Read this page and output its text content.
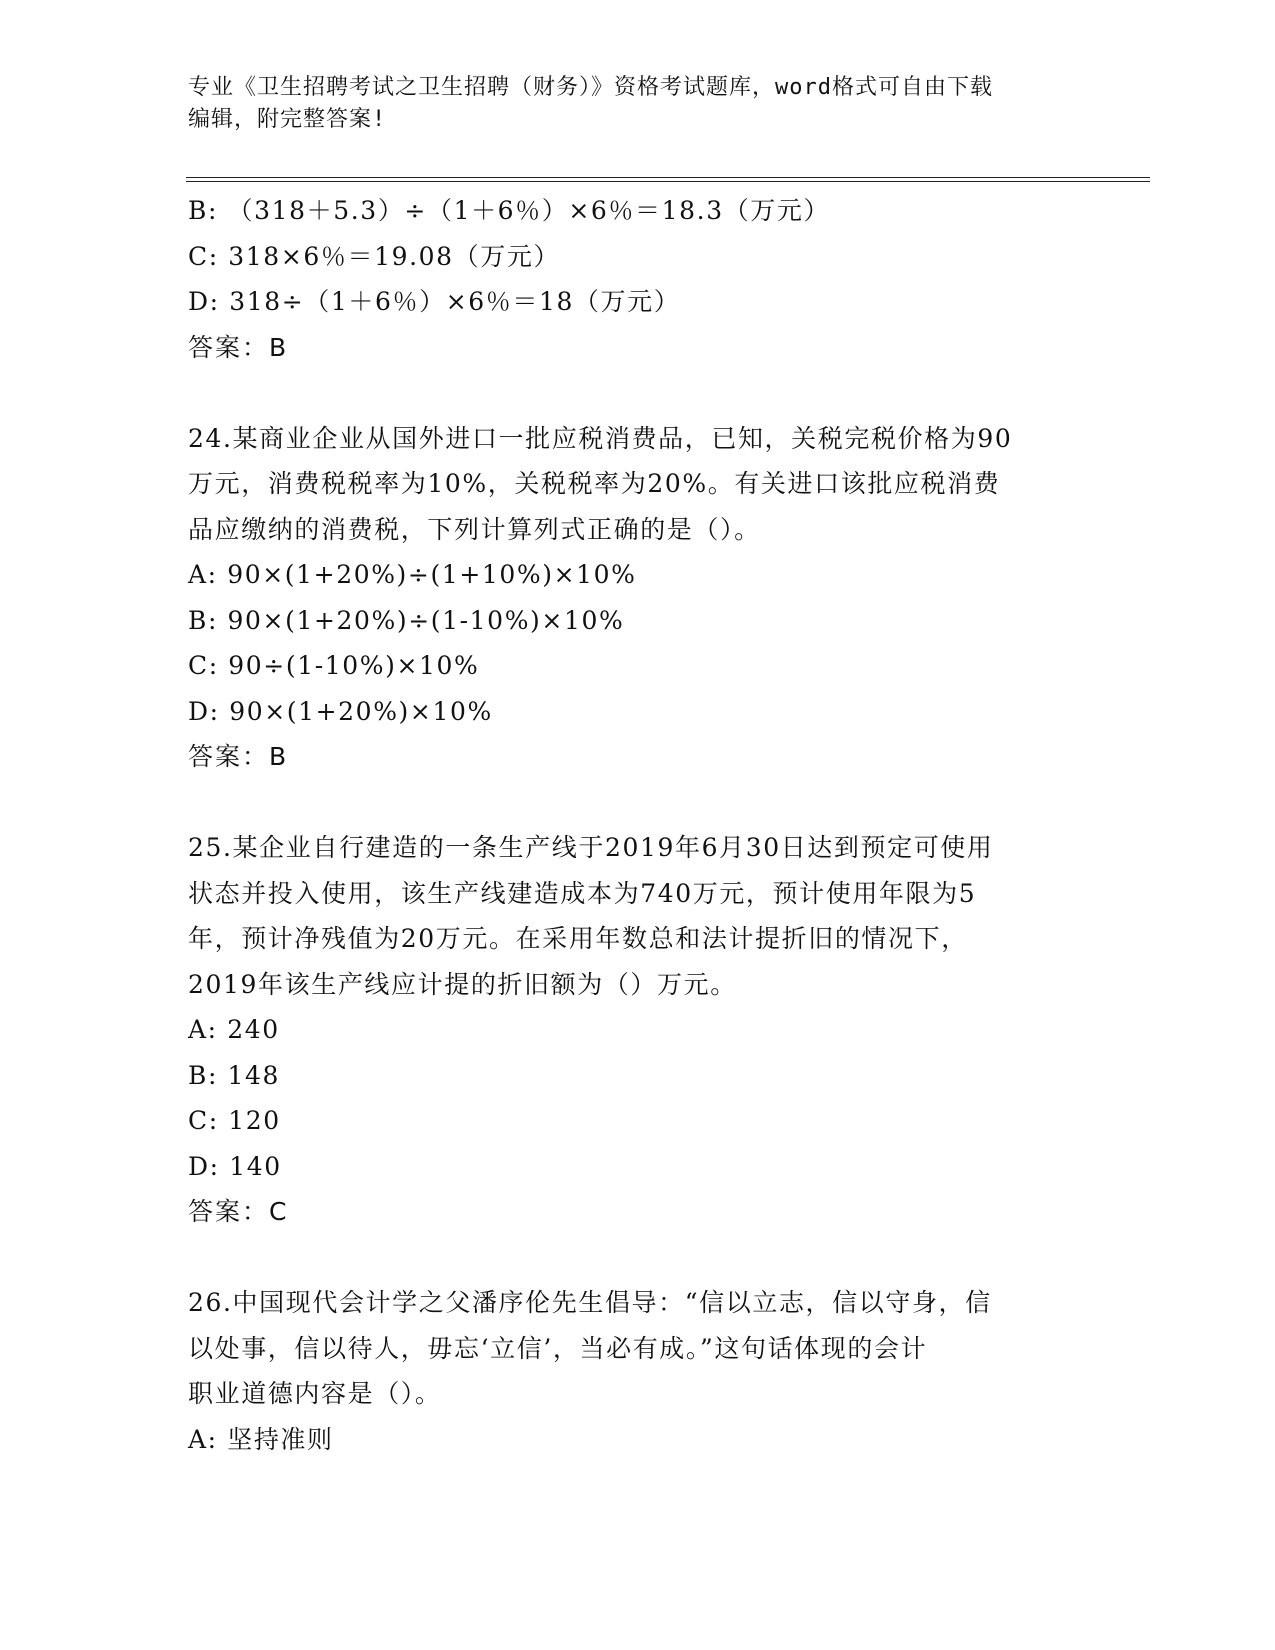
专业《卫生招聘考试之卫生招聘（财务）》资格考试题库，word格式可自由下载
编辑，附完整答案!
B: （318＋5.3）÷（1＋6％）×6％＝18.3（万元）
C: 318×6％＝19.08（万元）
D: 318÷（1＋6％）×6％＝18（万元）
答案：B
24.某商业企业从国外进口一批应税消费品，已知，关税完税价格为90
万元，消费税税率为10%，关税税率为20%。有关进口该批应税消费
品应缴纳的消费税，下列计算列式正确的是（）。
A: 90×(1+20%)÷(1+10%)×10%
B: 90×(1+20%)÷(1-10%)×10%
C: 90÷(1-10%)×10%
D: 90×(1+20%)×10%
答案：B
25.某企业自行建造的一条生产线于2019年6月30日达到预定可使用
状态并投入使用，该生产线建造成本为740万元，预计使用年限为5
年，预计净残值为20万元。在采用年数总和法计提折旧的情况下，
2019年该生产线应计提的折旧额为（）万元。
A: 240
B: 148
C: 120
D: 140
答案：C
26.中国现代会计学之父潘序伦先生倡导：“信以立志，信以守身，信
以处事，信以待人，毋忘‘立信’，当必有成。”这句话体现的会计
职业道德内容是（）。
A: 坚持准则
